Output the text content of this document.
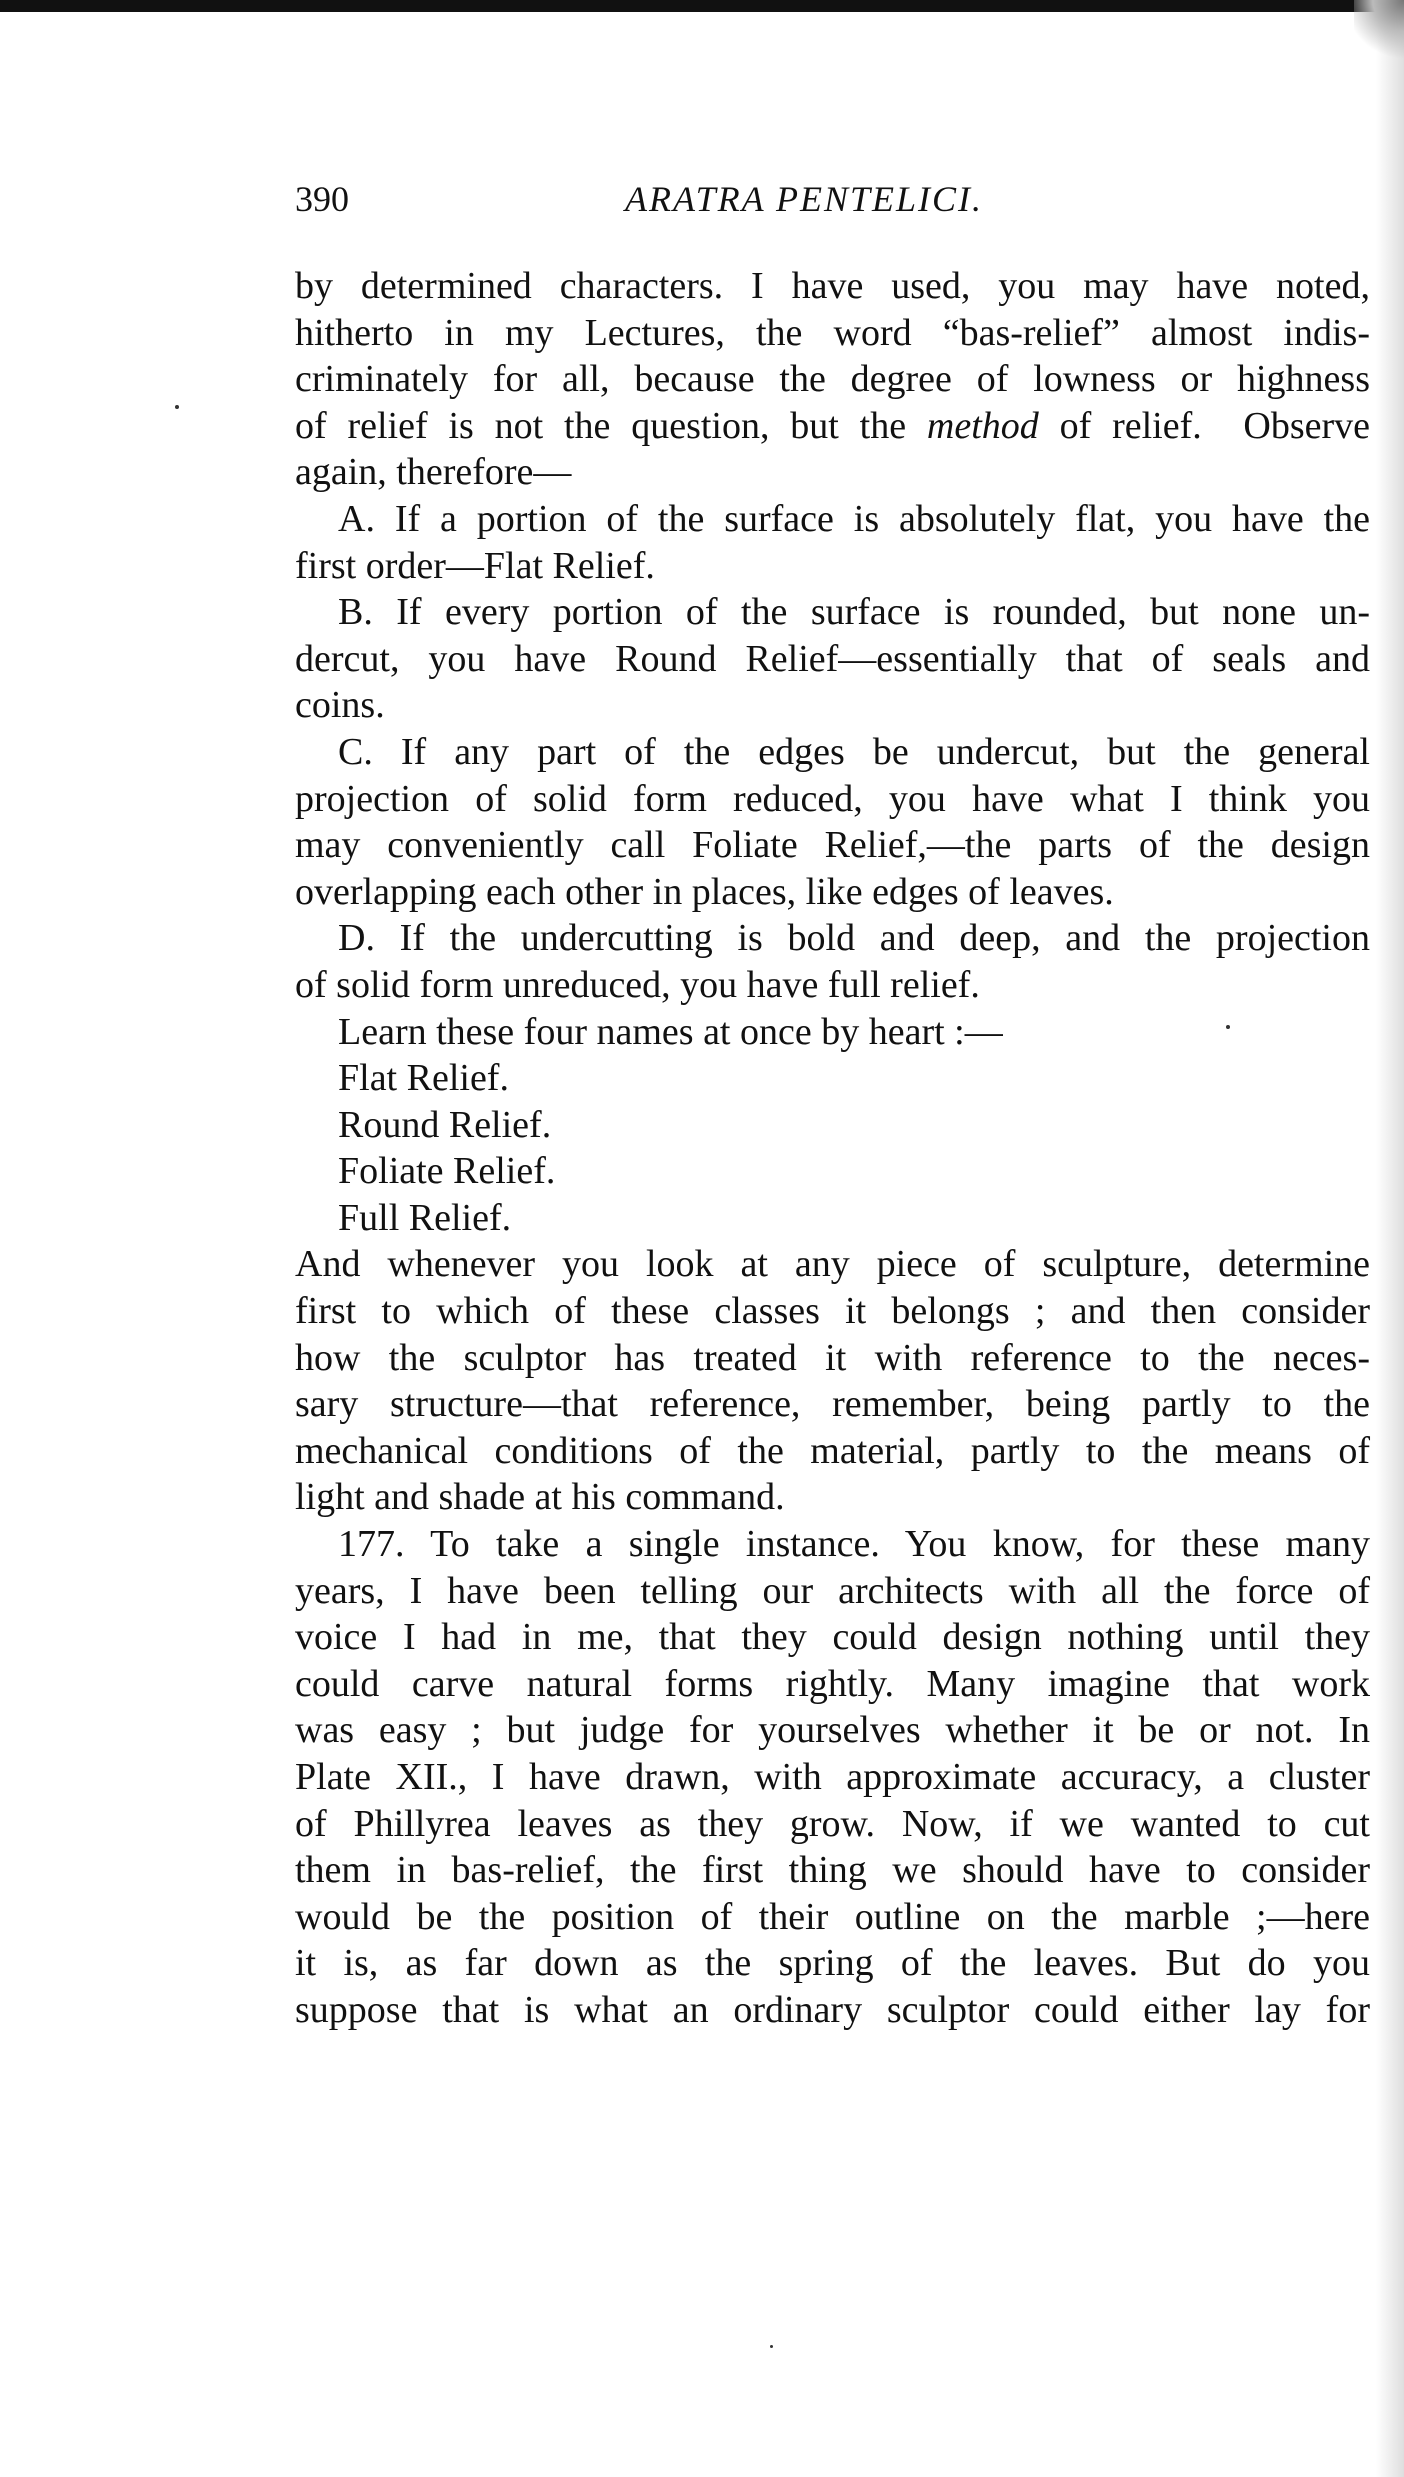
390	ARATRA PENTELICI.
by determined characters. I have used, you may have noted,
hitherto in my Lectures, the word “bas-relief” almost indis-
criminately for all, because the degree of lowness or highness
of relief is not the question, but the method of relief.  Observe
again, therefore—
A. If a portion of the surface is absolutely flat, you have the
first order—Flat Relief.
B. If every portion of the surface is rounded, but none un-
dercut, you have Round Relief—essentially that of seals and
coins.
C. If any part of the edges be undercut, but the general
projection of solid form reduced, you have what I think you
may conveniently call Foliate Relief,—the parts of the design
overlapping each other in places, like edges of leaves.
D. If the undercutting is bold and deep, and the projection
of solid form unreduced, you have full relief.
Learn these four names at once by heart :—
Flat Relief.
Round Relief.
Foliate Relief.
Full Relief.
And whenever you look at any piece of sculpture, determine
first to which of these classes it belongs ; and then consider
how the sculptor has treated it with reference to the neces-
sary structure—that reference, remember, being partly to the
mechanical conditions of the material, partly to the means of
light and shade at his command.
177. To take a single instance. You know, for these many
years, I have been telling our architects with all the force of
voice I had in me, that they could design nothing until they
could carve natural forms rightly. Many imagine that work
was easy ; but judge for yourselves whether it be or not. In
Plate XII., I have drawn, with approximate accuracy, a cluster
of Phillyrea leaves as they grow. Now, if we wanted to cut
them in bas-relief, the first thing we should have to consider
would be the position of their outline on the marble ;—here
it is, as far down as the spring of the leaves. But do you
suppose that is what an ordinary sculptor could either lay for
